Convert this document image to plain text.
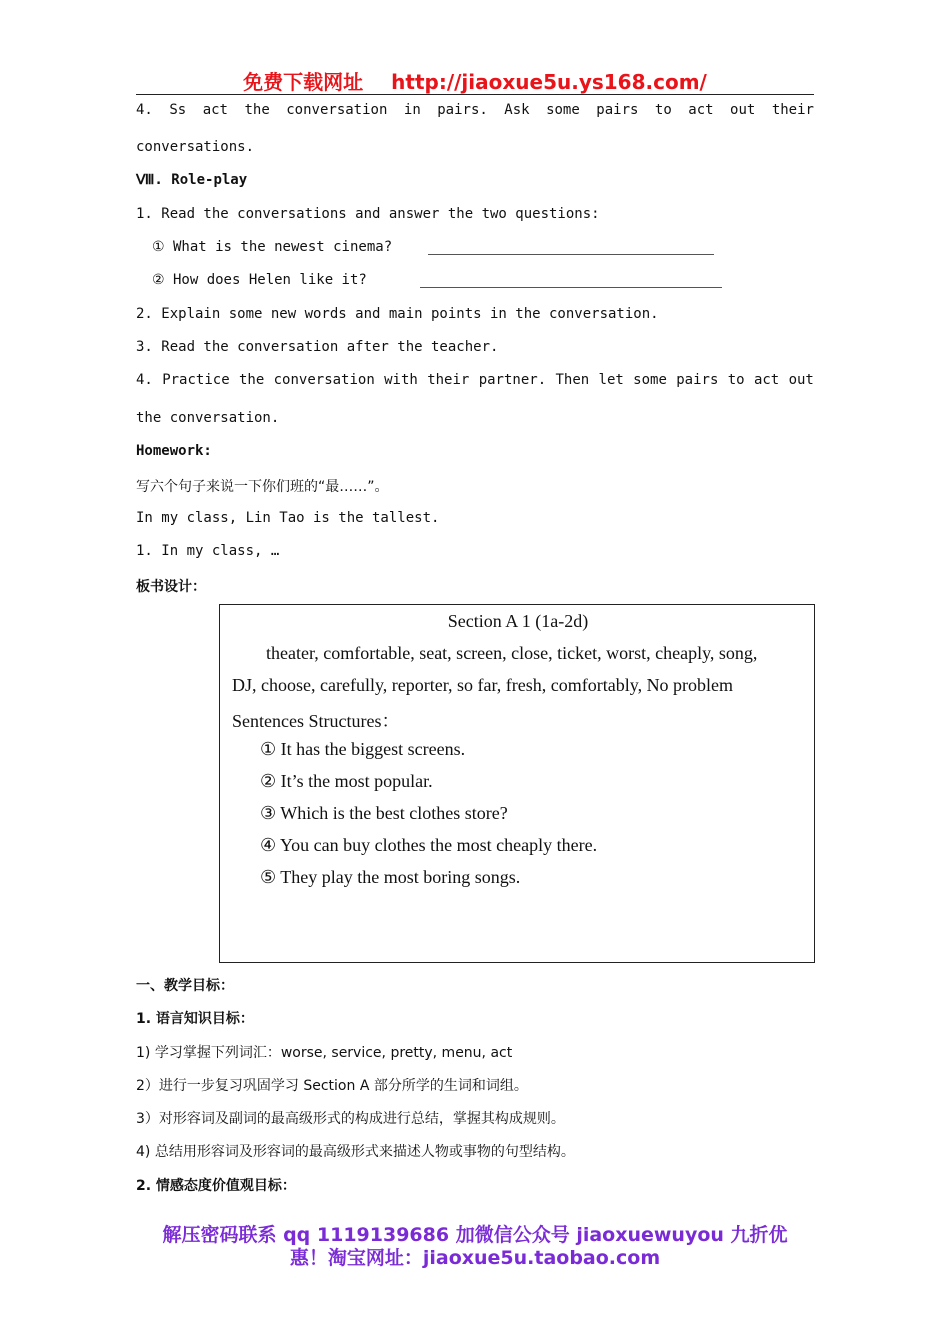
免费下载网址 http://jiaoxue5u.ys168.com/
4. Ss act the conversation in pairs. Ask some pairs to act out their
conversations.
Ⅷ. Role-play
1. Read the conversations and answer the two questions:
① What is the newest cinema?
② How does Helen like it?
2. Explain some new words and main points in the conversation.
3. Read the conversation after the teacher.
4. Practice the conversation with their partner. Then let some pairs to act out
the conversation.
Homework:
写六个句子来说一下你们班的“最……”。
In my class, Lin Tao is the tallest.
1. In my class, …
板书设计：
Section A 1 (1a-2d)
theater, comfortable, seat, screen, close, ticket, worst, cheaply, song,
DJ, choose, carefully, reporter, so far, fresh, comfortably, No problem
Sentences Structures：
① It has the biggest screens.
② It’s the most popular.
③ Which is the best clothes store?
④ You can buy clothes the most cheaply there.
⑤ They play the most boring songs.
一、教学目标：
1. 语言知识目标：
1) 学习掌握下列词汇：worse, service, pretty, menu, act
2）进行一步复习巩固学习 Section A 部分所学的生词和词组。
3）对形容词及副词的最高级形式的构成进行总结，掌握其构成规则。
4) 总结用形容词及形容词的最高级形式来描述人物或事物的句型结构。
2. 情感态度价值观目标：
解压密码联系 qq 1119139686 加微信公众号 jiaoxuewuyou 九折优
惠！淘宝网址：jiaoxue5u.taobao.com
